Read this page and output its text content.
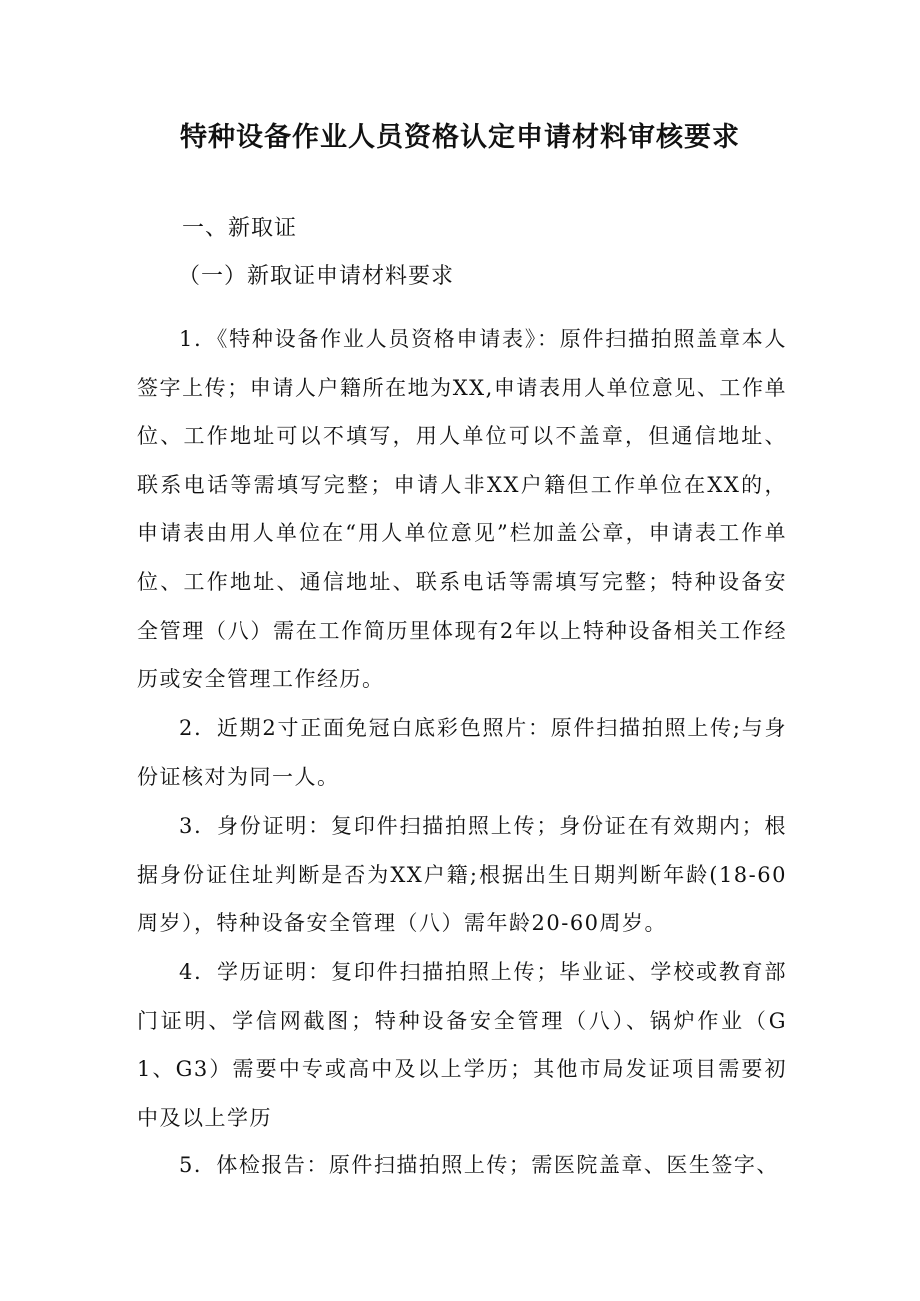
特种设备作业人员资格认定申请材料审核要求

一、新取证

（一）新取证申请材料要求

1．《特种设备作业人员资格申请表》：原件扫描拍照盖章本人签字上传；申请人户籍所在地为XX,申请表用人单位意见、工作单位、工作地址可以不填写，用人单位可以不盖章，但通信地址、联系电话等需填写完整；申请人非XX户籍但工作单位在XX的，申请表由用人单位在“用人单位意见”栏加盖公章，申请表工作单位、工作地址、通信地址、联系电话等需填写完整；特种设备安全管理（八）需在工作简历里体现有2年以上特种设备相关工作经历或安全管理工作经历。

2．近期2寸正面免冠白底彩色照片：原件扫描拍照上传;与身份证核对为同一人。

3．身份证明：复印件扫描拍照上传；身份证在有效期内；根据身份证住址判断是否为XX户籍;根据出生日期判断年龄(18-60周岁），特种设备安全管理（八）需年龄20-60周岁。

4．学历证明：复印件扫描拍照上传；毕业证、学校或教育部门证明、学信网截图；特种设备安全管理（八）、锅炉作业（G1、G3）需要中专或高中及以上学历；其他市局发证项目需要初中及以上学历

5．体检报告：原件扫描拍照上传；需医院盖章、医生签字、
